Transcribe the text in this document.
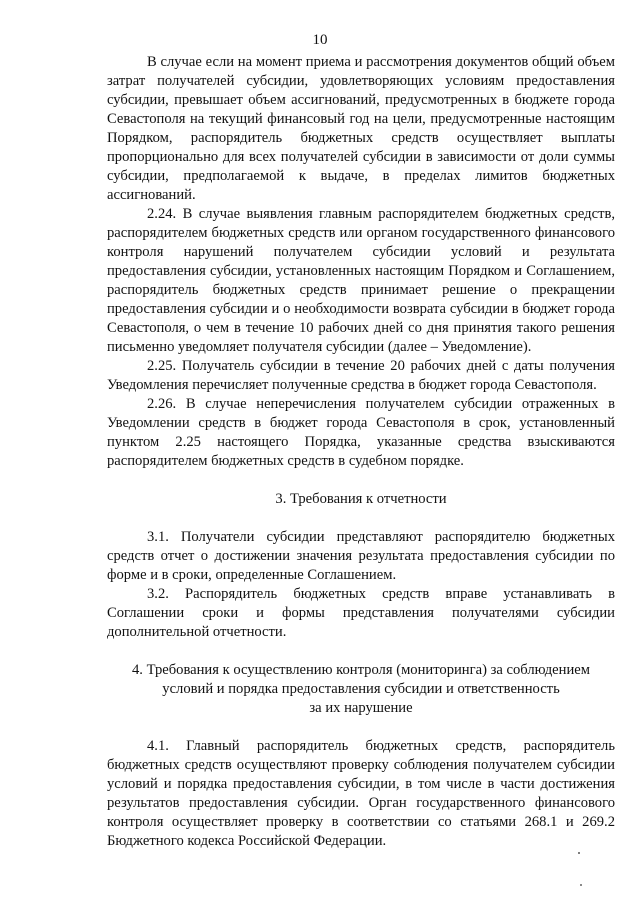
10

В случае если на момент приема и рассмотрения документов общий объем затрат получателей субсидии, удовлетворяющих условиям предоставления субсидии, превышает объем ассигнований, предусмотренных в бюджете города Севастополя на текущий финансовый год на цели, предусмотренные настоящим Порядком, распорядитель бюджетных средств осуществляет выплаты пропорционально для всех получателей субсидии в зависимости от доли суммы субсидии, предполагаемой к выдаче, в пределах лимитов бюджетных ассигнований.

2.24. В случае выявления главным распорядителем бюджетных средств, распорядителем бюджетных средств или органом государственного финансового контроля нарушений получателем субсидии условий и результата предоставления субсидии, установленных настоящим Порядком и Соглашением, распорядитель бюджетных средств принимает решение о прекращении предоставления субсидии и о необходимости возврата субсидии в бюджет города Севастополя, о чем в течение 10 рабочих дней со дня принятия такого решения письменно уведомляет получателя субсидии (далее – Уведомление).

2.25. Получатель субсидии в течение 20 рабочих дней с даты получения Уведомления перечисляет полученные средства в бюджет города Севастополя.

2.26. В случае неперечисления получателем субсидии отраженных в Уведомлении средств в бюджет города Севастополя в срок, установленный пунктом 2.25 настоящего Порядка, указанные средства взыскиваются распорядителем бюджетных средств в судебном порядке.

3. Требования к отчетности

3.1. Получатели субсидии представляют распорядителю бюджетных средств отчет о достижении значения результата предоставления субсидии по форме и в сроки, определенные Соглашением.

3.2. Распорядитель бюджетных средств вправе устанавливать в Соглашении сроки и формы представления получателями субсидии дополнительной отчетности.

4. Требования к осуществлению контроля (мониторинга) за соблюдением
условий и порядка предоставления субсидии и ответственность
за их нарушение

4.1. Главный распорядитель бюджетных средств, распорядитель бюджетных средств осуществляют проверку соблюдения получателем субсидии условий и порядка предоставления субсидии, в том числе в части достижения результатов предоставления субсидии. Орган государственного финансового контроля осуществляет проверку в соответствии со статьями 268.1 и 269.2 Бюджетного кодекса Российской Федерации.
